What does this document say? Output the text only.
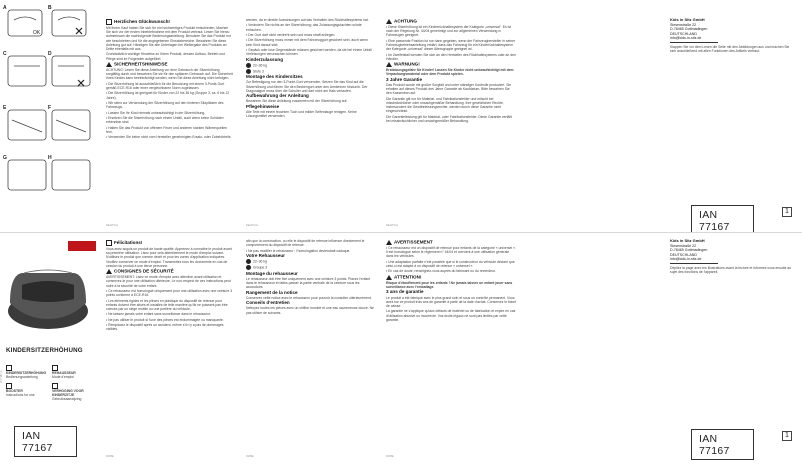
OK
A	B
C	D
E	F
G	H
Herzlichen Glückwunsch!

Mit Ihrem Kauf haben Sie sich für ein hochwertiges Produkt entschieden. Machen Sie sich vor der ersten Inbetriebnahme mit dem Produkt vertraut. Lesen Sie hierzu aufmerksam die nachfolgende Bedienungsanleitung. Benutzen Sie das Produkt nur wie beschrieben und für die angegebenen Einsatzbereiche. Bewahren Sie diese Anleitung gut auf. Händigen Sie alle Unterlagen bei Weitergabe des Produkts an Dritte ebenfalls mit aus.

Grundsätzlich wichtige Hinweise zu Ihrem Produkt, dessen Aufbau, Betrieb und Pflege sind im Folgenden aufgeführt.

SICHERHEITSHINWEISE

ACHTUNG: Lesen Sie diese Anleitung vor dem Gebrauch der Sitzerhöhung sorgfältig durch und bewahren Sie sie für den späteren Gebrauch auf. Die Sicherheit Ihres Kindes kann beeinträchtigt werden, wenn Sie diese Anleitung nicht befolgen.

• Die Sitzerhöhung ist ausschließlich für die Benutzung mit einem 3-Punkt-Gurt gemäß ECE-R16 oder einer vergleichbaren Norm zugelassen.

• Die Sitzerhöhung ist geeignet für Kinder von 22 bis 36 kg (Gruppe 3, ca. 6 bis 12 Jahre).

• Wir raten zur Verwendung der Sitzerhöhung auf den hinteren Sitzplätzen des Fahrzeugs.

• Lassen Sie Ihr Kind niemals unbeaufsichtigt in der Sitzerhöhung.

• Ersetzen Sie die Sitzerhöhung nach einem Unfall, auch wenn keine Schäden erkennbar sind.

• Halten Sie das Produkt von offenem Feuer und anderen starken Wärmequellen fern.

• Verwenden Sie keine nicht vom Hersteller genehmigten Ersatz- oder Zubehörteile.

werden, da er direkte Auswirkungen auf das Verhalten des Rückhaltesystems hat.

• Verändern Sie nichts an der Sitzerhöhung; das Zulassungsgutachten würde erlöschen.

• Der Gurt darf nicht verdreht sein und muss straff anliegen.

• Die Sitzerhöhung muss immer mit dem Fahrzeuggurt gesichert sein, auch wenn kein Kind darauf sitzt.

• Gepäck oder lose Gegenstände müssen gesichert werden, da sie bei einem Unfall Verletzungen verursachen können.

Kinderzulassung

22–36 kg

Stufe 3

Montage des Kindersitzes

Zur Befestigung nur den 3-Punkt-Gurt verwenden. Setzen Sie das Kind auf die Sitzerhöhung und führen Sie den Beckengurt unter den Armlehnen hindurch. Der Diagonalgurt muss über die Schulter und darf nicht am Hals verlaufen.

Aufbewahrung der Anleitung

Bewahren Sie diese Anleitung zusammen mit der Sitzerhöhung auf.

Pflegehinweise

Alle Teile mit einem feuchten Tuch und milder Seifenlauge reinigen. Keine Lösungsmittel verwenden.

ACHTUNG

• Diese Sitzerhöhung ist ein Kinderrückhaltesystem der Kategorie „universal“. Es ist nach der Regelung Nr. 44/04 genehmigt und zur allgemeinen Verwendung in Fahrzeugen geeignet.

• Eine passende Position ist nur dann gegeben, wenn der Fahrzeughersteller in seiner Fahrzeugbetriebsanleitung erklärt, dass das Fahrzeug für ein Kinderrückhaltesystem der Kategorie „universal“ dieser Altersgruppe geeignet ist.

• Im Zweifelsfall wenden Sie sich an den Hersteller des Rückhaltesystems oder an den Händler.

WARNUNG!

Erstickungsgefahr für Kinder! Lassen Sie Kinder nicht unbeaufsichtigt mit dem Verpackungsmaterial oder dem Produkt spielen.

3 Jahre Garantie

Das Produkt wurde mit großer Sorgfalt und unter ständiger Kontrolle produziert. Sie erhalten auf dieses Produkt drei Jahre Garantie ab Kaufdatum. Bitte bewahren Sie den Kassenbon auf.

Die Garantie gilt nur für Material- und Fabrikationsfehler und erlischt bei missbräuchlicher oder unsachgemäßer Behandlung. Ihre gesetzlichen Rechte, insbesondere die Gewährleistungsrechte, werden durch diese Garantie nicht eingeschränkt.

Die Garantieleistung gilt für Material- oder Fabrikationsfehler. Diese Garantie verfällt bei missbräuchlicher und unsachgemäßer Behandlung.

Kids in Sitz GmbH
Siesenstraße 22
D-78465 Gottmadingen
DEUTSCHLAND
info@kids-in-sitz.de
Klappen Sie vor dem Lesen die Seite mit den Abbildungen aus und machen Sie sich anschließend mit allen Funktionen des Artikels vertraut.
IAN 77167
1
DE/AT/CH	DE/AT/CH	DE/AT/CH
KINDERSITZERHÖHUNG

KINDERSITZERHÖHUNG
Bedienungsanleitung

REHAUSSEUR
Mode d'emploi

BOOSTER
Instructions for use

VERHOGING VOOR KINDERZITJE
Gebruiksaanwijzing
IAN 77167
IC77167-1
Félicitations!

Vous avez acquis un produit de haute qualité. Apprenez à connaître le produit avant sa première utilisation. Lisez pour cela attentivement le mode d'emploi suivant. N'utilisez le produit que comme décrit et pour les zones d'application indiquées. Veuillez conserver ce mode d'emploi. Transmettez tous les documents en cas de cession du produit à une tierce personne.

CONSIGNES DE SÉCURITÉ

AVERTISSEMENT: Lisez ce mode d'emploi avec attention avant utilisation et conservez-le pour une utilisation ultérieure. Le non-respect de ces instructions peut nuire à la sécurité de votre enfant.

• Ce rehausseur est homologué uniquement pour une utilisation avec une ceinture 3 points conforme à ECE-R16.

• Les éléments rigides et les pièces en plastique du dispositif de retenue pour enfants doivent être situés et installés de telle manière qu'ils ne puissent pas être coincés par un siège mobile ou une portière du véhicule.

• Ne laissez jamais votre enfant sans surveillance dans le rehausseur.

• Ne pas utiliser le produit si l'une des pièces est endommagée ou manquante.

• Remplacez le dispositif après un accident, même s'il n'y a pas de dommages visibles.

afin que la construction, ou elle le dispositif de retenue influence directement le comportement du dispositif de retenue.

• Ne pas modifier le rehausseur ; l'homologation deviendrait caduque.

Votre Rehausseur

22–36 kg

Groupe 3

Montage du rehausseur

Le rehausseur doit être fixé uniquement avec une ceinture 3 points. Placez l'enfant dans le rehausseur et faites passer la partie ventrale de la ceinture sous les accoudoirs.

Rangement de la notice

Conservez cette notice avec le rehausseur pour pouvoir la consulter ultérieurement.

Conseils d'entretien

Nettoyez toutes les pièces avec un chiffon humide et une eau savonneuse douce. Ne pas utiliser de solvants.

AVERTISSEMENT

• Ce rehausseur est un dispositif de retenue pour enfants de la catégorie « universel ». Il est homologué selon le règlement n° 44/04 et convient à une utilisation générale dans les véhicules.

• Une adaptation parfaite n'est possible que si le constructeur du véhicule déclare que celui-ci est adapté à un dispositif de retenue « universel ».

• En cas de doute, renseignez-vous auprès du fabricant ou du revendeur.

ATTENTION!

Risque d'étouffement pour les enfants ! Ne jamais laisser un enfant jouer sans surveillance avec l'emballage.

3 ans de garantie

Le produit a été fabriqué avec le plus grand soin et sous un contrôle permanent. Vous avez sur ce produit trois ans de garantie à partir de la date d'achat. Conservez le ticket de caisse.

La garantie ne s'applique qu'aux défauts de matériel ou de fabrication et expire en cas d'utilisation abusive ou incorrecte. Vos droits légaux ne sont pas limités par cette garantie.

Kids in Sitz GmbH
Siesenstraße 22
D-78465 Gottmadingen
DEUTSCHLAND
info@kids-in-sitz.de
Dépliez la page avec les illustrations avant la lecture et informez-vous ensuite au sujet des fonctions de l'appareil.
IAN 77167
1
FR/BE	FR/BE	FR/BE
